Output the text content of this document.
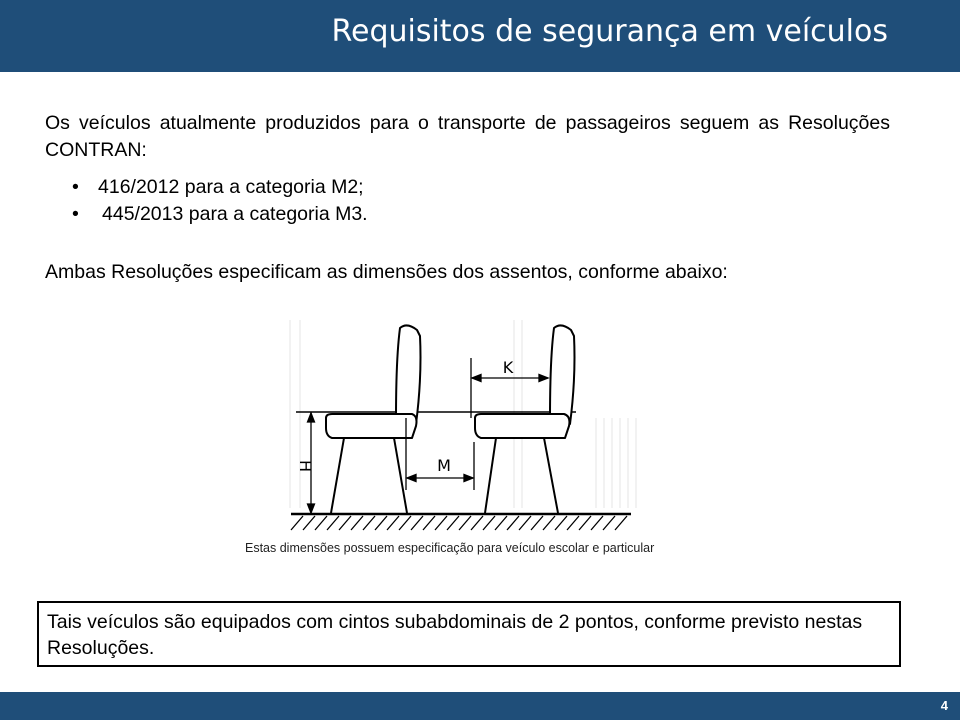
Requisitos de segurança em veículos
Os veículos atualmente produzidos para o transporte de passageiros seguem as Resoluções CONTRAN:
• 416/2012 para a categoria M2;
• 445/2013 para a categoria M3.
Ambas Resoluções especificam as dimensões dos assentos, conforme abaixo:
H
K
M
Estas dimensões possuem especificação para veículo escolar e particular
Tais veículos são equipados com cintos subabdominais de 2 pontos, conforme previsto nestas Resoluções.
4
